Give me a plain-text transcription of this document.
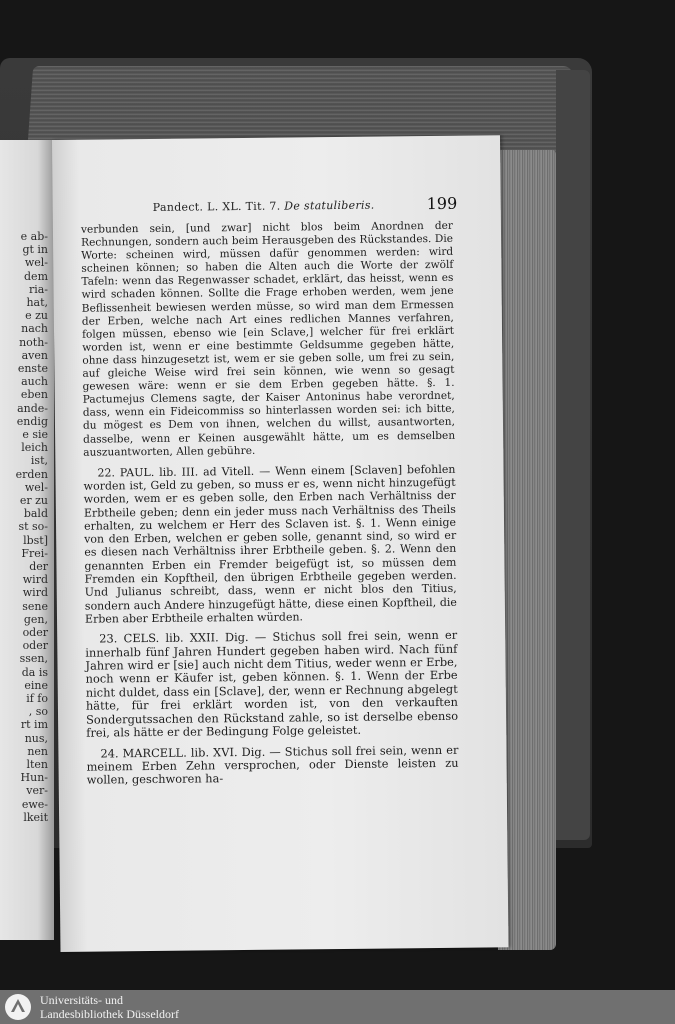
e ab-
gt in
wel-
dem
ria-
hat,
e zu
nach
noth-
aven
enste
auch
eben
ande-
endig
e sie
leich
ist,
erden
wel-
er zu
bald
st so-
lbst]
Frei-
der
wird
wird
sene
gen,
oder
oder
ssen,
da is
eine
if fo
, so
rt im
nus,
nen
lten
Hun-
ver-
ewe-
lkeit
Pandect. L. XL. Tit. 7. De statuliberis.	199

verbunden sein, [und zwar] nicht blos beim Anordnen der Rechnungen, sondern auch beim Herausgeben des Rückstandes. Die Worte: scheinen wird, müssen dafür genommen werden: wird scheinen können; so haben die Alten auch die Worte der zwölf Tafeln: wenn das Regenwasser schadet, erklärt, das heisst, wenn es wird schaden können. Sollte die Frage erhoben werden, wem jene Beflissenheit bewiesen werden müsse, so wird man dem Ermessen der Erben, welche nach Art eines redlichen Mannes verfahren, folgen müssen, ebenso wie [ein Sclave,] welcher für frei erklärt worden ist, wenn er eine bestimmte Geldsumme gegeben hätte, ohne dass hinzugesetzt ist, wem er sie geben solle, um frei zu sein, auf gleiche Weise wird frei sein können, wie wenn so gesagt gewesen wäre: wenn er sie dem Erben gegeben hätte. §. 1. Pactumejus Clemens sagte, der Kaiser Antoninus habe verordnet, dass, wenn ein Fideicommiss so hinterlassen worden sei: ich bitte, du mögest es Dem von ihnen, welchen du willst, ausantworten, dasselbe, wenn er Keinen ausgewählt hätte, um es demselben auszuantworten, Allen gebühre.

22. PAUL. lib. III. ad Vitell. — Wenn einem [Sclaven] befohlen worden ist, Geld zu geben, so muss er es, wenn nicht hinzugefügt worden, wem er es geben solle, den Erben nach Verhältniss der Erbtheile geben; denn ein jeder muss nach Verhältniss des Theils erhalten, zu welchem er Herr des Sclaven ist. §. 1. Wenn einige von den Erben, welchen er geben solle, genannt sind, so wird er es diesen nach Verhältniss ihrer Erbtheile geben. §. 2. Wenn den genannten Erben ein Fremder beigefügt ist, so müssen dem Fremden ein Kopftheil, den übrigen Erbtheile gegeben werden. Und Julianus schreibt, dass, wenn er nicht blos den Titius, sondern auch Andere hinzugefügt hätte, diese einen Kopftheil, die Erben aber Erbtheile erhalten würden.

23. CELS. lib. XXII. Dig. — Stichus soll frei sein, wenn er innerhalb fünf Jahren Hundert gegeben haben wird. Nach fünf Jahren wird er [sie] auch nicht dem Titius, weder wenn er Erbe, noch wenn er Käufer ist, geben können. §. 1. Wenn der Erbe nicht duldet, dass ein [Sclave], der, wenn er Rechnung abgelegt hätte, für frei erklärt worden ist, von den verkauften Sondergutssachen den Rückstand zahle, so ist derselbe ebenso frei, als hätte er der Bedingung Folge geleistet.

24. MARCELL. lib. XVI. Dig. — Stichus soll frei sein, wenn er meinem Erben Zehn versprochen, oder Dienste leisten zu wollen, geschworen ha-

Universitäts- und
Landesbibliothek Düsseldorf
